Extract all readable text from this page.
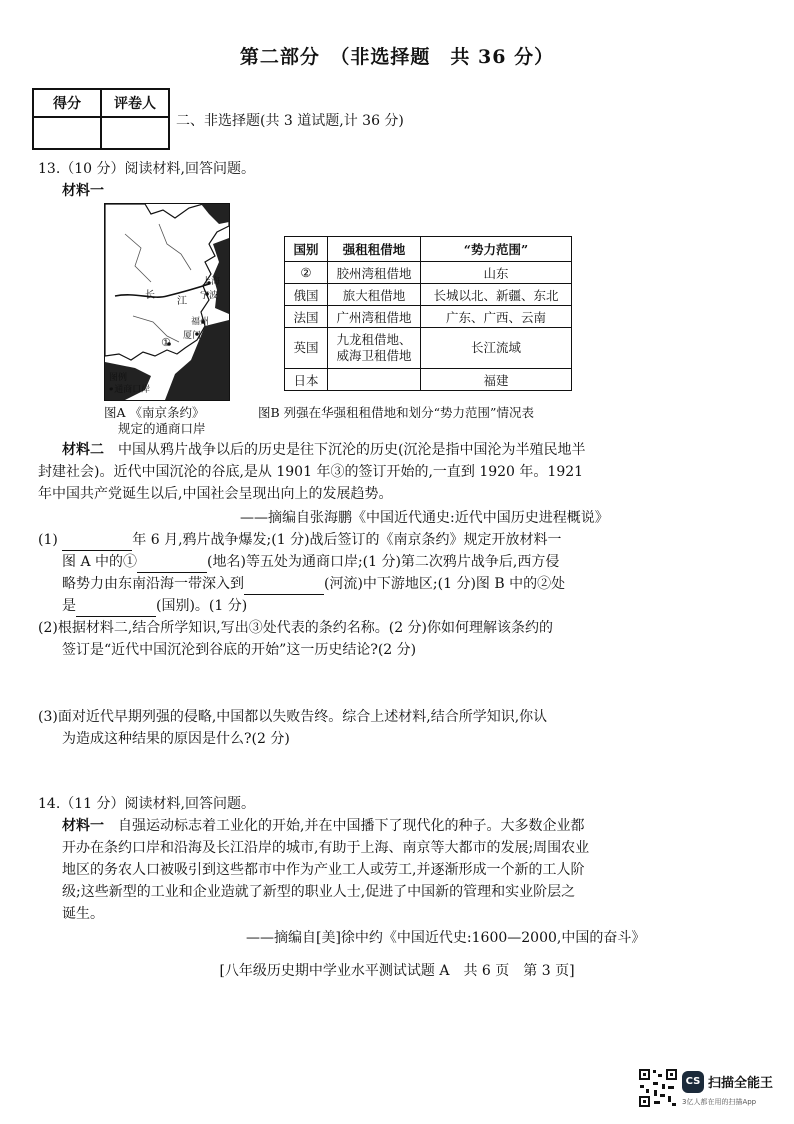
第二部分　（非选择题　共 36 分）
得分	评卷人

二、非选择题(共 3 道试题,计 36 分)
13.（10 分）阅读材料,回答问题。
材料一
上海
宁波
长
江
福州
厦门
①
图例
•通商口岸
国别	强租租借地	“势力范围”
②	胶州湾租借地	山东
俄国	旅大租借地	长城以北、新疆、东北
法国	广州湾租借地	广东、广西、云南
英国	九龙租借地、
威海卫租借地	长江流域
日本		福建
图A 《南京条约》
规定的通商口岸
图B 列强在华强租租借地和划分“势力范围”情况表
材料二　中国从鸦片战争以后的历史是往下沉沦的历史(沉沦是指中国沦为半殖民地半
封建社会)。近代中国沉沦的谷底,是从 1901 年③的签订开始的,一直到 1920 年。1921
年中国共产党诞生以后,中国社会呈现出向上的发展趋势。
——摘编自张海鹏《中国近代通史:近代中国历史进程概说》
(1)	年 6 月,鸦片战争爆发;(1 分)战后签订的《南京条约》规定开放材料一
图 A 中的①	(地名)等五处为通商口岸;(1 分)第二次鸦片战争后,西方侵
略势力由东南沿海一带深入到	(河流)中下游地区;(1 分)图 B 中的②处
是	(国别)。(1 分)
(2)根据材料二,结合所学知识,写出③处代表的条约名称。(2 分)你如何理解该条约的
签订是“近代中国沉沦到谷底的开始”这一历史结论?(2 分)
(3)面对近代早期列强的侵略,中国都以失败告终。综合上述材料,结合所学知识,你认
为造成这种结果的原因是什么?(2 分)
14.（11 分）阅读材料,回答问题。
材料一　自强运动标志着工业化的开始,并在中国播下了现代化的种子。大多数企业都
开办在条约口岸和沿海及长江沿岸的城市,有助于上海、南京等大都市的发展;周围农业
地区的务农人口被吸引到这些都市中作为产业工人或劳工,并逐渐形成一个新的工人阶
级;这些新型的工业和企业造就了新型的职业人士,促进了中国新的管理和实业阶层之
诞生。
——摘编自[美]徐中约《中国近代史:1600—2000,中国的奋斗》
[八年级历史期中学业水平测试试题 A　共 6 页　第 3 页]
CS 扫描全能王
3亿人都在用的扫描App
